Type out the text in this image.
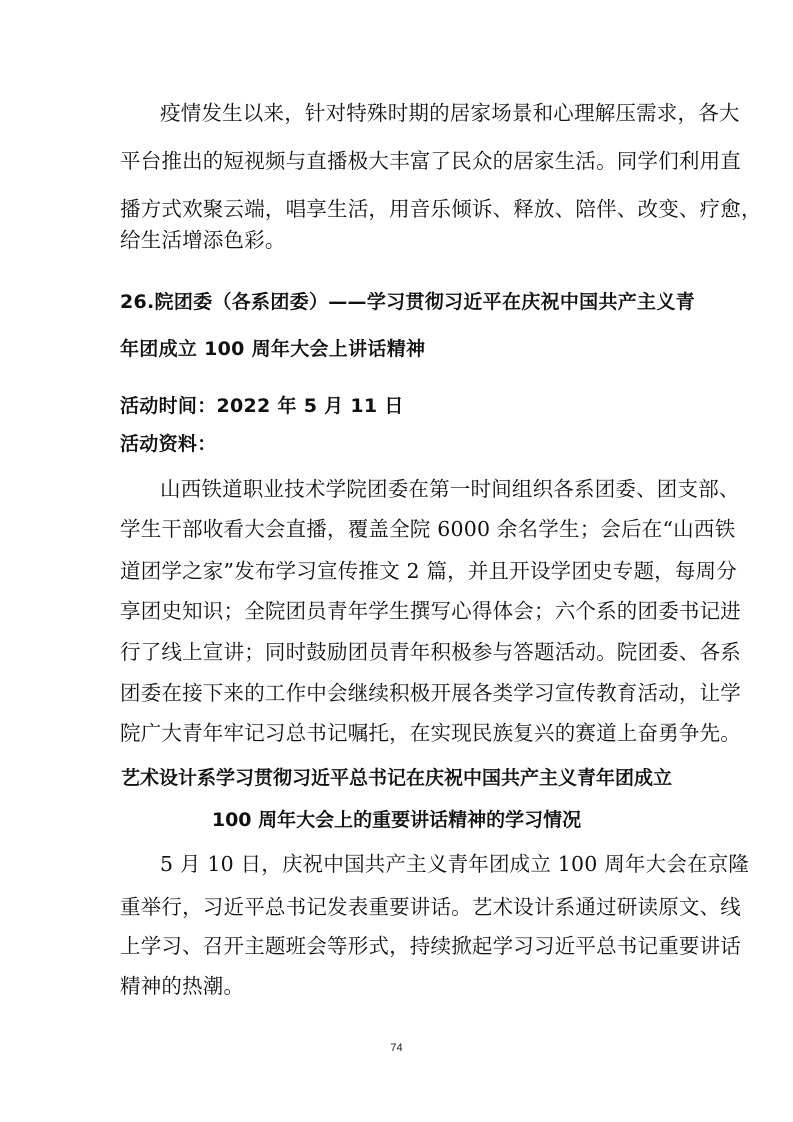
疫情发生以来，针对特殊时期的居家场景和心理解压需求，各大
平台推出的短视频与直播极大丰富了民众的居家生活。同学们利用直
播方式欢聚云端，唱享生活，用音乐倾诉、释放、陪伴、改变、疗愈，
给生活增添色彩。
26.院团委（各系团委）——学习贯彻习近平在庆祝中国共产主义青
年团成立 100 周年大会上讲话精神
活动时间：2022 年 5 月 11 日
活动资料：
山西铁道职业技术学院团委在第一时间组织各系团委、团支部、
学生干部收看大会直播，覆盖全院 6000 余名学生；会后在“山西铁
道团学之家”发布学习宣传推文 2 篇，并且开设学团史专题，每周分
享团史知识；全院团员青年学生撰写心得体会；六个系的团委书记进
行了线上宣讲；同时鼓励团员青年积极参与答题活动。院团委、各系
团委在接下来的工作中会继续积极开展各类学习宣传教育活动，让学
院广大青年牢记习总书记嘱托，在实现民族复兴的赛道上奋勇争先。
艺术设计系学习贯彻习近平总书记在庆祝中国共产主义青年团成立
100 周年大会上的重要讲话精神的学习情况
5 月 10 日，庆祝中国共产主义青年团成立 100 周年大会在京隆
重举行，习近平总书记发表重要讲话。艺术设计系通过研读原文、线
上学习、召开主题班会等形式，持续掀起学习习近平总书记重要讲话
精神的热潮。
74
